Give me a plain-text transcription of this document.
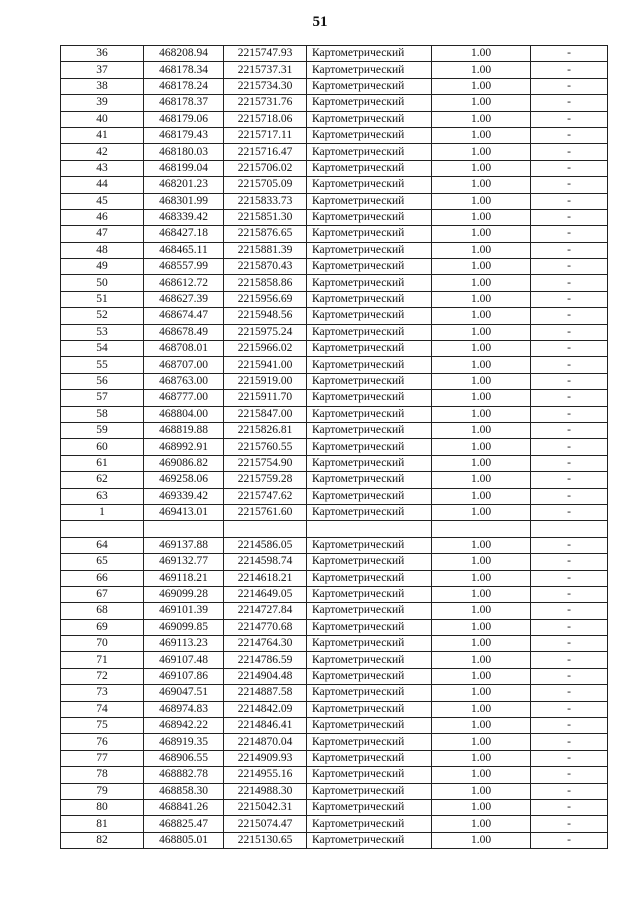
51
36	468208.94	2215747.93	Картометрический	1.00	-
37	468178.34	2215737.31	Картометрический	1.00	-
38	468178.24	2215734.30	Картометрический	1.00	-
39	468178.37	2215731.76	Картометрический	1.00	-
40	468179.06	2215718.06	Картометрический	1.00	-
41	468179.43	2215717.11	Картометрический	1.00	-
42	468180.03	2215716.47	Картометрический	1.00	-
43	468199.04	2215706.02	Картометрический	1.00	-
44	468201.23	2215705.09	Картометрический	1.00	-
45	468301.99	2215833.73	Картометрический	1.00	-
46	468339.42	2215851.30	Картометрический	1.00	-
47	468427.18	2215876.65	Картометрический	1.00	-
48	468465.11	2215881.39	Картометрический	1.00	-
49	468557.99	2215870.43	Картометрический	1.00	-
50	468612.72	2215858.86	Картометрический	1.00	-
51	468627.39	2215956.69	Картометрический	1.00	-
52	468674.47	2215948.56	Картометрический	1.00	-
53	468678.49	2215975.24	Картометрический	1.00	-
54	468708.01	2215966.02	Картометрический	1.00	-
55	468707.00	2215941.00	Картометрический	1.00	-
56	468763.00	2215919.00	Картометрический	1.00	-
57	468777.00	2215911.70	Картометрический	1.00	-
58	468804.00	2215847.00	Картометрический	1.00	-
59	468819.88	2215826.81	Картометрический	1.00	-
60	468992.91	2215760.55	Картометрический	1.00	-
61	469086.82	2215754.90	Картометрический	1.00	-
62	469258.06	2215759.28	Картометрический	1.00	-
63	469339.42	2215747.62	Картометрический	1.00	-
1	469413.01	2215761.60	Картометрический	1.00	-

64	469137.88	2214586.05	Картометрический	1.00	-
65	469132.77	2214598.74	Картометрический	1.00	-
66	469118.21	2214618.21	Картометрический	1.00	-
67	469099.28	2214649.05	Картометрический	1.00	-
68	469101.39	2214727.84	Картометрический	1.00	-
69	469099.85	2214770.68	Картометрический	1.00	-
70	469113.23	2214764.30	Картометрический	1.00	-
71	469107.48	2214786.59	Картометрический	1.00	-
72	469107.86	2214904.48	Картометрический	1.00	-
73	469047.51	2214887.58	Картометрический	1.00	-
74	468974.83	2214842.09	Картометрический	1.00	-
75	468942.22	2214846.41	Картометрический	1.00	-
76	468919.35	2214870.04	Картометрический	1.00	-
77	468906.55	2214909.93	Картометрический	1.00	-
78	468882.78	2214955.16	Картометрический	1.00	-
79	468858.30	2214988.30	Картометрический	1.00	-
80	468841.26	2215042.31	Картометрический	1.00	-
81	468825.47	2215074.47	Картометрический	1.00	-
82	468805.01	2215130.65	Картометрический	1.00	-
